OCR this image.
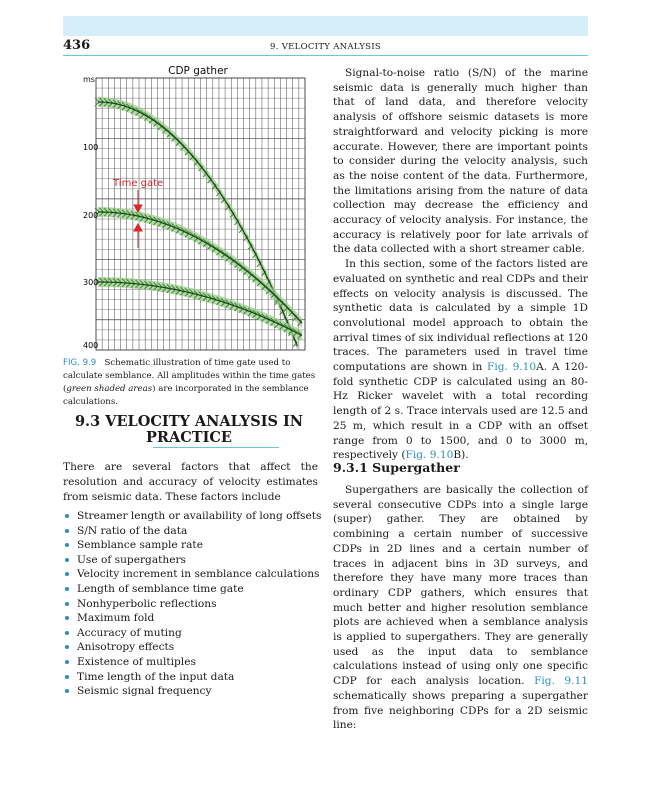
436	9. VELOCITY ANALYSIS
CDP gather
ms
100
200
300
400
Time gate
FIG. 9.9 Schematic illustration of time gate used to calculate semblance. All amplitudes within the time gates (green shaded areas) are incorporated in the semblance calculations.
9.3 VELOCITY ANALYSIS IN PRACTICE
There are several factors that affect the resolution and accuracy of velocity estimates from seismic data. These factors include
Streamer length or availability of long offsets
S/N ratio of the data
Semblance sample rate
Use of supergathers
Velocity increment in semblance calculations
Length of semblance time gate
Nonhyperbolic reflections
Maximum fold
Accuracy of muting
Anisotropy effects
Existence of multiples
Time length of the input data
Seismic signal frequency

Signal-to-noise ratio (S/N) of the marine seismic data is generally much higher than that of land data, and therefore velocity analysis of offshore seismic datasets is more straightforward and velocity picking is more accurate. However, there are important points to consider during the velocity analysis, such as the noise content of the data. Furthermore, the limitations arising from the nature of data collection may decrease the efficiency and accuracy of velocity analysis. For instance, the accuracy is relatively poor for late arrivals of the data collected with a short streamer cable.

In this section, some of the factors listed are evaluated on synthetic and real CDPs and their effects on velocity analysis is discussed. The synthetic data is calculated by a simple 1D convolutional model approach to obtain the arrival times of six individual reflections at 120 traces. The parameters used in travel time computations are shown in Fig. 9.10A. A 120-fold synthetic CDP is calculated using an 80-Hz Ricker wavelet with a total recording length of 2 s. Trace intervals used are 12.5 and 25 m, which result in a CDP with an offset range from 0 to 1500, and 0 to 3000 m, respectively (Fig. 9.10B).

9.3.1 Supergather

Supergathers are basically the collection of several consecutive CDPs into a single large (super) gather. They are obtained by combining a certain number of successive CDPs in 2D lines and a certain number of traces in adjacent bins in 3D surveys, and therefore they have many more traces than ordinary CDP gathers, which ensures that much better and higher resolution semblance plots are achieved when a semblance analysis is applied to supergathers. They are generally used as the input data to semblance calculations instead of using only one specific CDP for each analysis location. Fig. 9.11 schematically shows preparing a supergather from five neighboring CDPs for a 2D seismic line:
